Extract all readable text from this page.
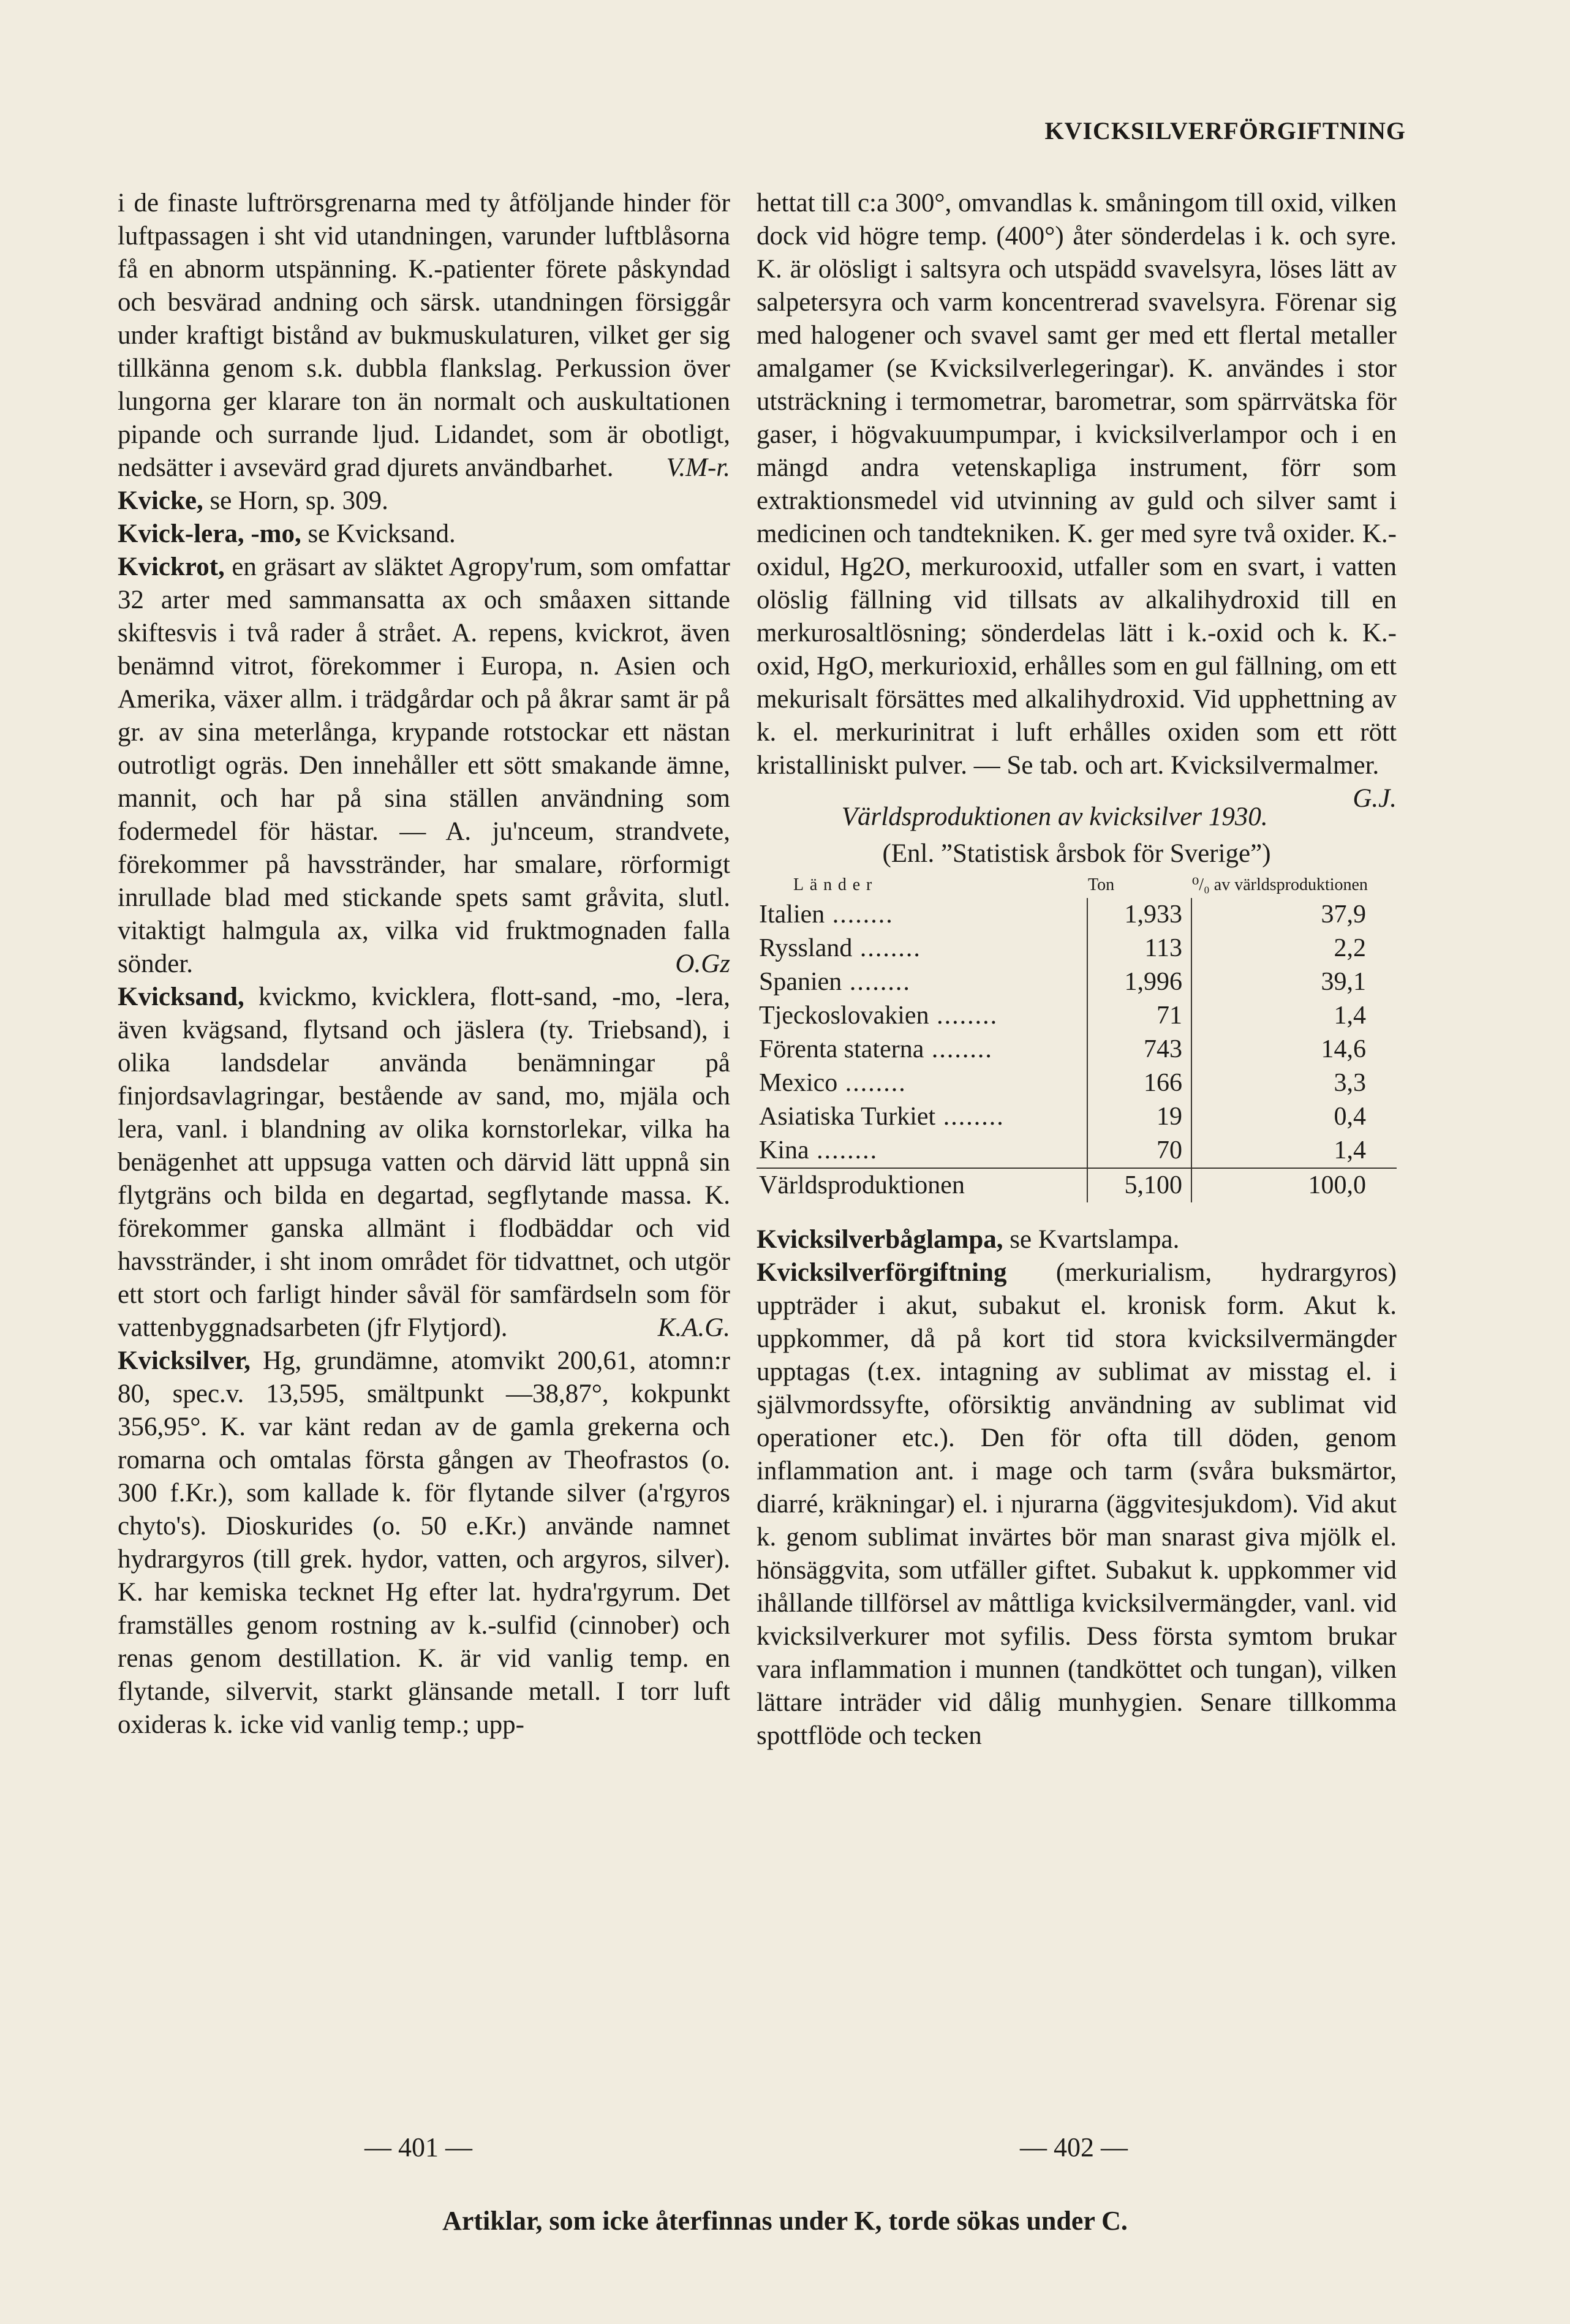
KVICKSILVERFÖRGIFTNING

i de finaste luftrörsgrenarna med ty åtföljande hinder för luftpassagen i sht vid utandningen, varunder luftblåsorna få en abnorm utspänning. K.-patienter förete påskyndad och besvärad andning och särsk. utandningen försiggår under kraftigt bistånd av bukmuskulaturen, vilket ger sig tillkänna genom s.k. dubbla flankslag. Perkussion över lungorna ger klarare ton än normalt och auskultationen pipande och surrande ljud. Lidandet, som är obotligt, nedsätter i avsevärd grad djurets användbarhet. V.M-r.

Kvicke, se Horn, sp. 309.

Kvick-lera, -mo, se Kvicksand.

Kvickrot, en gräsart av släktet Agropy'rum, som omfattar 32 arter med sammansatta ax och småaxen sittande skiftesvis i två rader å strået. A. repens, kvickrot, även benämnd vitrot, förekommer i Europa, n. Asien och Amerika, växer allm. i trädgårdar och på åkrar samt är på gr. av sina meterlånga, krypande rotstockar ett nästan outrotligt ogräs. Den innehåller ett sött smakande ämne, mannit, och har på sina ställen användning som fodermedel för hästar. — A. ju'nceum, strandvete, förekommer på havsstränder, har smalare, rörformigt inrullade blad med stickande spets samt gråvita, slutl. vitaktigt halmgula ax, vilka vid fruktmognaden falla sönder.	O.Gz

Kvicksand, kvickmo, kvicklera, flott-sand, -mo, -lera, även kvägsand, flytsand och jäslera (ty. Triebsand), i olika landsdelar använda benämningar på finjordsavlagringar, bestående av sand, mo, mjäla och lera, vanl. i blandning av olika kornstorlekar, vilka ha benägenhet att uppsuga vatten och därvid lätt uppnå sin flytgräns och bilda en degartad, segflytande massa. K. förekommer ganska allmänt i flodbäddar och vid havsstränder, i sht inom området för tidvattnet, och utgör ett stort och farligt hinder såväl för samfärdseln som för vattenbyggnadsarbeten (jfr Flytjord).	K.A.G.

Kvicksilver, Hg, grundämne, atomvikt 200,61, atomn:r 80, spec.v. 13,595, smältpunkt —38,87°, kokpunkt 356,95°. K. var känt redan av de gamla grekerna och romarna och omtalas första gången av Theofrastos (o. 300 f.Kr.), som kallade k. för flytande silver (a'rgyros chyto's). Dioskurides (o. 50 e.Kr.) använde namnet hydrargyros (till grek. hydor, vatten, och argyros, silver). K. har kemiska tecknet Hg efter lat. hydra'rgyrum. Det framställes genom rostning av k.-sulfid (cinnober) och renas genom destillation. K. är vid vanlig temp. en flytande, silvervit, starkt glänsande metall. I torr luft oxideras k. icke vid vanlig temp.; upp-

hettat till c:a 300°, omvandlas k. småningom till oxid, vilken dock vid högre temp. (400°) åter sönderdelas i k. och syre. K. är olösligt i saltsyra och utspädd svavelsyra, löses lätt av salpetersyra och varm koncentrerad svavelsyra. Förenar sig med halogener och svavel samt ger med ett flertal metaller amalgamer (se Kvicksilverlegeringar). K. användes i stor utsträckning i termometrar, barometrar, som spärrvätska för gaser, i högvakuumpumpar, i kvicksilverlampor och i en mängd andra vetenskapliga instrument, förr som extraktionsmedel vid utvinning av guld och silver samt i medicinen och tandtekniken. K. ger med syre två oxider. K.-oxidul, Hg2O, merkurooxid, utfaller som en svart, i vatten olöslig fällning vid tillsats av alkalihydroxid till en merkurosaltlösning; sönderdelas lätt i k.-oxid och k. K.-oxid, HgO, merkurioxid, erhålles som en gul fällning, om ett mekurisalt försättes med alkalihydroxid. Vid upphettning av k. el. merkurinitrat i luft erhålles oxiden som ett rött kristalliniskt pulver. — Se tab. och art. Kvicksilvermalmer.
G.J.

Världsproduktionen av kvicksilver 1930.
(Enl. ”Statistisk årsbok för Sverige”)
Länder	Ton	⁰/₀ av världsproduktionen
Italien .....	1,933	37,9
Ryssland .....	113	2,2
Spanien .....	1,996	39,1
Tjeckoslovakien .....	71	1,4
Förenta staterna .....	743	14,6
Mexico .....	166	3,3
Asiatiska Turkiet .....	19	0,4
Kina .....	70	1,4
Världsproduktionen	5,100	100,0

Kvicksilverbåglampa, se Kvartslampa.

Kvicksilverförgiftning (merkurialism, hydrargyros) uppträder i akut, subakut el. kronisk form. Akut k. uppkommer, då på kort tid stora kvicksilvermängder upptagas (t.ex. intagning av sublimat av misstag el. i självmordssyfte, oförsiktig användning av sublimat vid operationer etc.). Den för ofta till döden, genom inflammation ant. i mage och tarm (svåra buksmärtor, diarré, kräkningar) el. i njurarna (äggvitesjukdom). Vid akut k. genom sublimat invärtes bör man snarast giva mjölk el. hönsäggvita, som utfäller giftet. Subakut k. uppkommer vid ihållande tillförsel av måttliga kvicksilvermängder, vanl. vid kvicksilverkurer mot syfilis. Dess första symtom brukar vara inflammation i munnen (tandköttet och tungan), vilken lättare inträder vid dålig munhygien. Senare tillkomma spottflöde och tecken

— 401 —	— 402 —
Artiklar, som icke återfinnas under K, torde sökas under C.
